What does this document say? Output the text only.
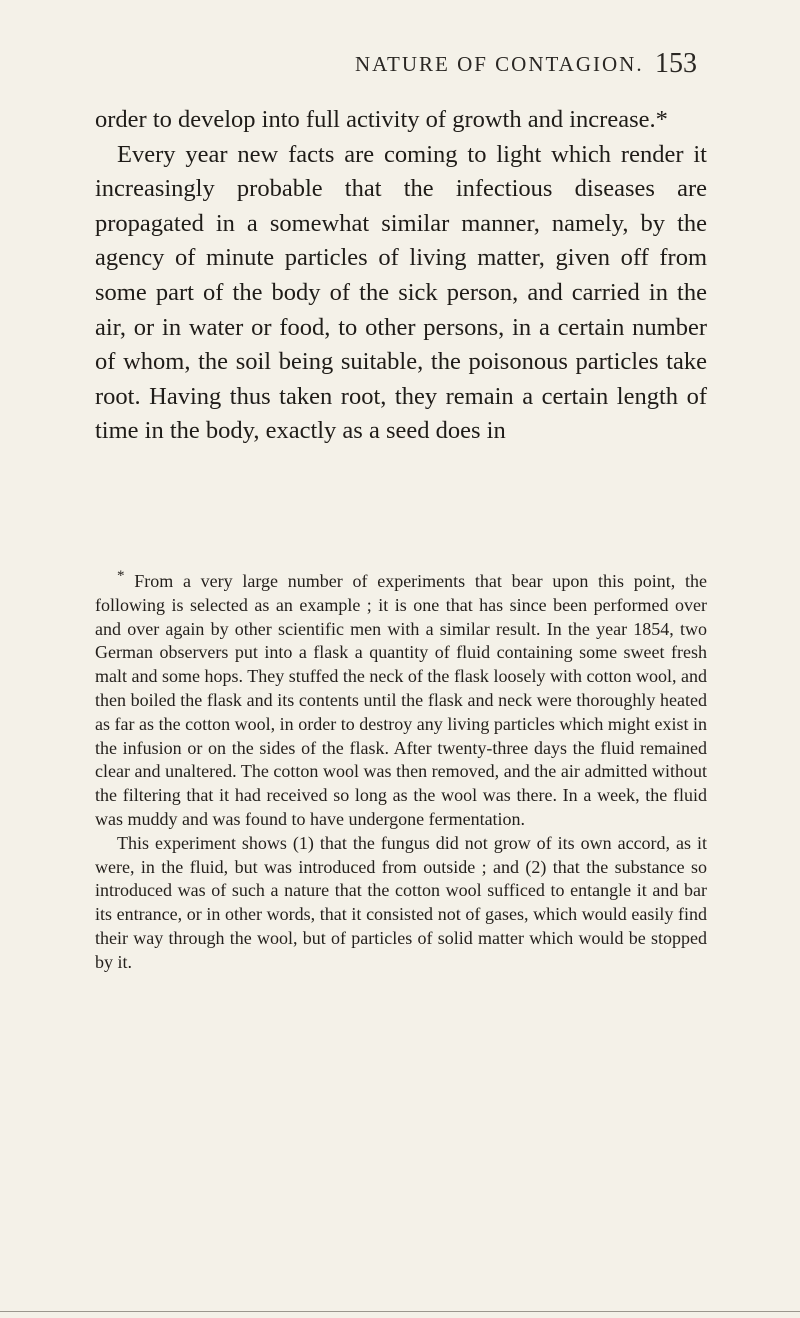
NATURE OF CONTAGION. 153

order to develop into full activity of growth and increase.*

Every year new facts are coming to light which render it increasingly probable that the infectious diseases are propagated in a somewhat similar manner, namely, by the agency of minute particles of living matter, given off from some part of the body of the sick person, and carried in the air, or in water or food, to other persons, in a certain number of whom, the soil being suitable, the poisonous particles take root. Having thus taken root, they remain a certain length of time in the body, exactly as a seed does in

* From a very large number of experiments that bear upon this point, the following is selected as an example ; it is one that has since been performed over and over again by other scientific men with a similar result. In the year 1854, two German observers put into a flask a quantity of fluid containing some sweet fresh malt and some hops. They stuffed the neck of the flask loosely with cotton wool, and then boiled the flask and its contents until the flask and neck were thoroughly heated as far as the cotton wool, in order to destroy any living particles which might exist in the infusion or on the sides of the flask. After twenty-three days the fluid remained clear and unaltered. The cotton wool was then removed, and the air admitted without the filtering that it had received so long as the wool was there. In a week, the fluid was muddy and was found to have undergone fermentation.

This experiment shows (1) that the fungus did not grow of its own accord, as it were, in the fluid, but was introduced from outside ; and (2) that the substance so introduced was of such a nature that the cotton wool sufficed to entangle it and bar its entrance, or in other words, that it consisted not of gases, which would easily find their way through the wool, but of particles of solid matter which would be stopped by it.
